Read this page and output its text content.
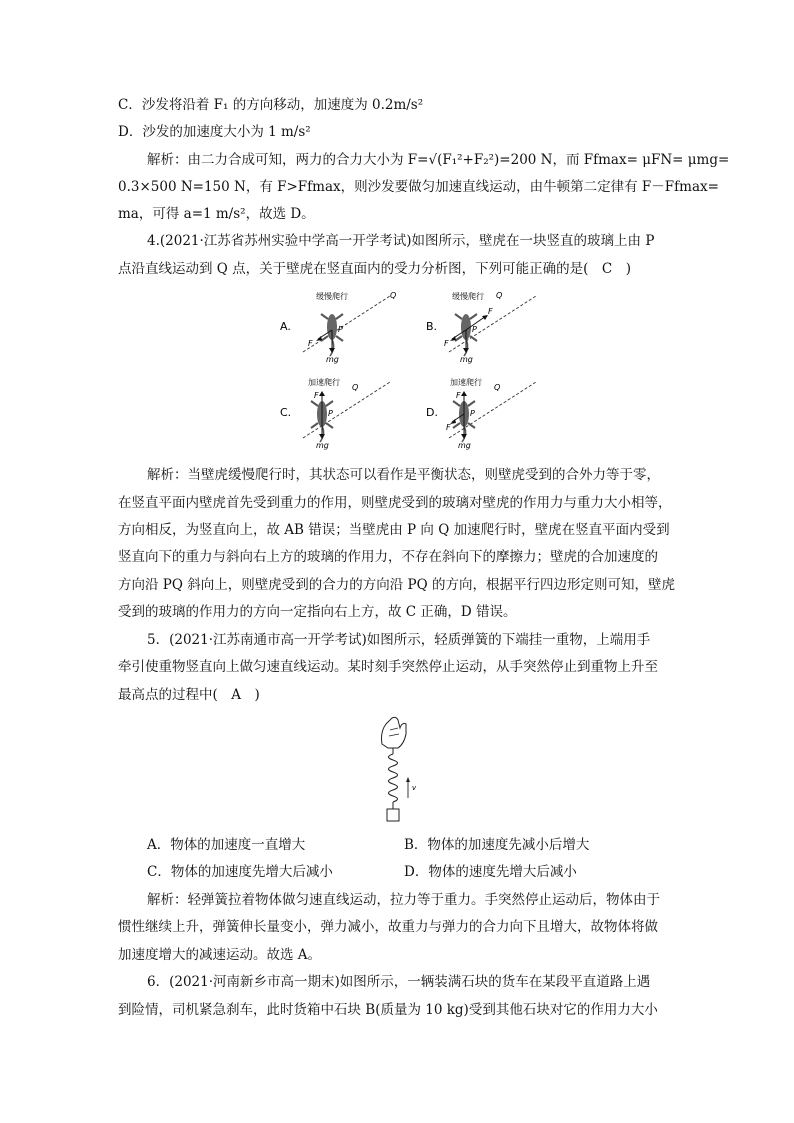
C．沙发将沿着 F₁ 的方向移动，加速度为 0.2m/s²
D．沙发的加速度大小为 1 m/s²
解析：由二力合成可知，两力的合力大小为 F=√(F₁²+F₂²)=200 N，而 Ffmax= μFN= μmg=
0.3×500 N=150 N，有 F>Ffmax，则沙发要做匀加速直线运动，由牛顿第二定律有 F－Ffmax=
ma，可得 a=1 m/s²，故选 D。
4.(2021·江苏省苏州实验中学高一开学考试)如图所示，壁虎在一块竖直的玻璃上由 P
点沿直线运动到 Q 点，关于壁虎在竖直面内的受力分析图，下列可能正确的是(　C　)
A.
缓慢爬行	Q
P
F
mg
B.
缓慢爬行 Q
P
F
F
mg
C.
加速爬行
Q
P
F
mg
D.
加速爬行
Q
P
F
F
mg
解析：当壁虎缓慢爬行时，其状态可以看作是平衡状态，则壁虎受到的合外力等于零，
在竖直平面内壁虎首先受到重力的作用，则壁虎受到的玻璃对壁虎的作用力与重力大小相等，
方向相反，为竖直向上，故 AB 错误；当壁虎由 P 向 Q 加速爬行时，壁虎在竖直平面内受到
竖直向下的重力与斜向右上方的玻璃的作用力，不存在斜向下的摩擦力；壁虎的合加速度的
方向沿 PQ 斜向上，则壁虎受到的合力的方向沿 PQ 的方向，根据平行四边形定则可知，壁虎
受到的玻璃的作用力的方向一定指向右上方，故 C 正确，D 错误。
5．(2021·江苏南通市高一开学考试)如图所示，轻质弹簧的下端挂一重物，上端用手
牵引使重物竖直向上做匀速直线运动。某时刻手突然停止运动，从手突然停止到重物上升至
最高点的过程中(　A　)
v
A．物体的加速度一直增大	B．物体的加速度先减小后增大
C．物体的加速度先增大后减小	D．物体的速度先增大后减小
解析：轻弹簧拉着物体做匀速直线运动，拉力等于重力。手突然停止运动后，物体由于
惯性继续上升，弹簧伸长量变小，弹力减小，故重力与弹力的合力向下且增大，故物体将做
加速度增大的减速运动。故选 A。
6．(2021·河南新乡市高一期末)如图所示，一辆装满石块的货车在某段平直道路上遇
到险情，司机紧急刹车，此时货箱中石块 B(质量为 10 kg)受到其他石块对它的作用力大小
